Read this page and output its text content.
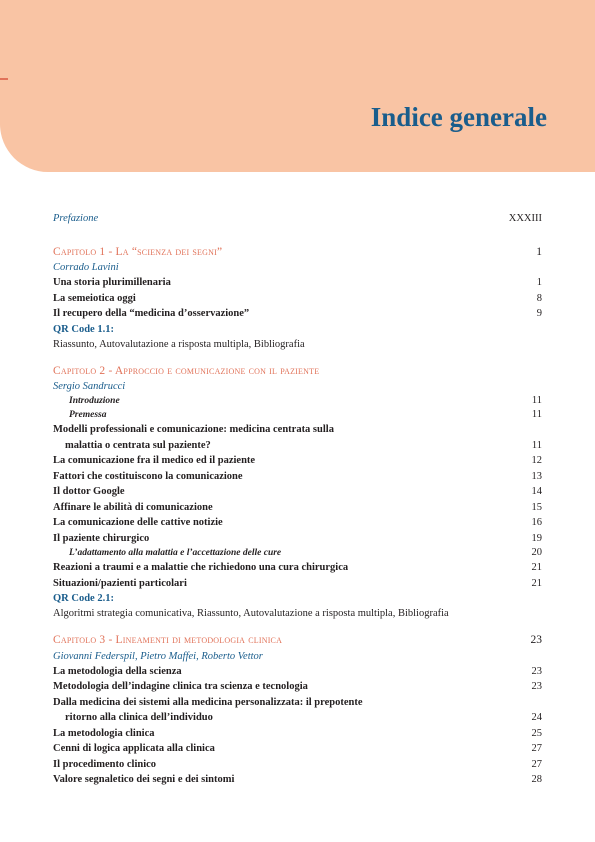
Indice generale
Prefazione	XXXIII
Capitolo 1 - La “scienza dei segni”	1
Corrado Lavini
Una storia plurimillenaria	1
La semeiotica oggi	8
Il recupero della “medicina d’osservazione”	9
QR Code 1.1:
Riassunto, Autovalutazione a risposta multipla, Bibliografia
Capitolo 2 - Approccio e comunicazione con il paziente
Sergio Sandrucci
Introduzione	11
Premessa	11
Modelli professionali e comunicazione: medicina centrata sulla
malattia o centrata sul paziente?	11
La comunicazione fra il medico ed il paziente	12
Fattori che costituiscono la comunicazione	13
Il dottor Google	14
Affinare le abilità di comunicazione	15
La comunicazione delle cattive notizie	16
Il paziente chirurgico	19
L’adattamento alla malattia e l’accettazione delle cure	20
Reazioni a traumi e a malattie che richiedono una cura chirurgica	21
Situazioni/pazienti particolari	21
QR Code 2.1:
Algoritmi strategia comunicativa, Riassunto, Autovalutazione a risposta multipla, Bibliografia
Capitolo 3 - Lineamenti di metodologia clinica	23
Giovanni Federspil, Pietro Maffei, Roberto Vettor
La metodologia della scienza	23
Metodologia dell’indagine clinica tra scienza e tecnologia	23
Dalla medicina dei sistemi alla medicina personalizzata: il prepotente
ritorno alla clinica dell’individuo	24
La metodologia clinica	25
Cenni di logica applicata alla clinica	27
Il procedimento clinico	27
Valore segnaletico dei segni e dei sintomi	28
